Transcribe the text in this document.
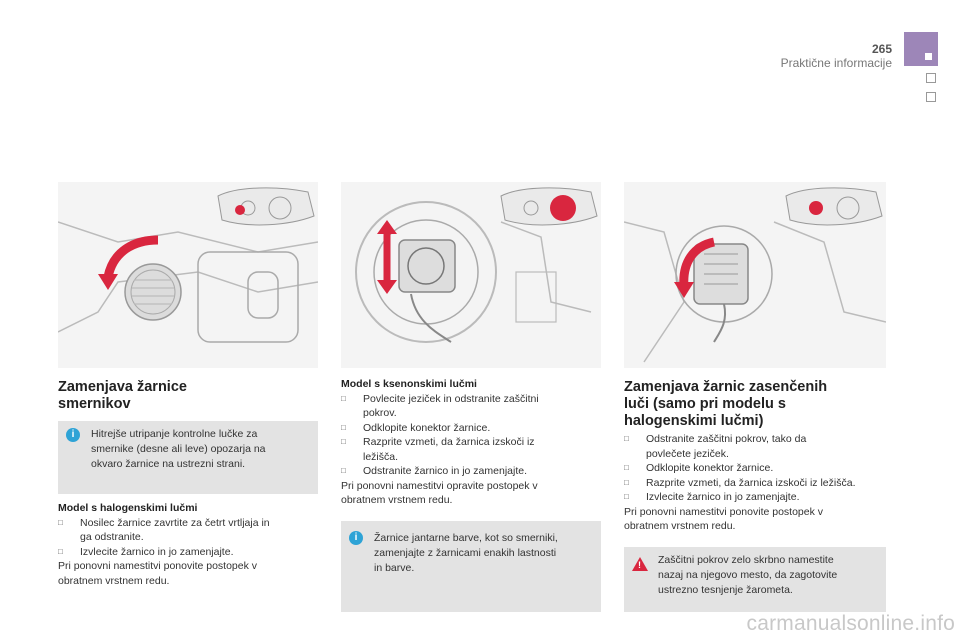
265
Praktične informacije
Zamenjava žarnice
smernikov
i	Hitrejše utripanje kontrolne lučke za
smernike (desne ali leve) opozarja na
okvaro žarnice na ustrezni strani.
Model s halogenskimi lučmi
□ Nosilec žarnice zavrtite za četrt vrtljaja in
ga odstranite.
□ Izvlecite žarnico in jo zamenjajte.
Pri ponovni namestitvi ponovite postopek v
obratnem vrstnem redu.
Model s ksenonskimi lučmi
□ Povlecite jeziček in odstranite zaščitni
pokrov.
□ Odklopite konektor žarnice.
□ Razprite vzmeti, da žarnica izskoči iz
ležišča.
□ Odstranite žarnico in jo zamenjajte.
Pri ponovni namestitvi opravite postopek v
obratnem vrstnem redu.
i	Žarnice jantarne barve, kot so smerniki,
zamenjajte z žarnicami enakih lastnosti
in barve.
Zamenjava žarnic zasenčenih
luči (samo pri modelu s
halogenskimi lučmi)
□ Odstranite zaščitni pokrov, tako da
povlečete jeziček.
□ Odklopite konektor žarnice.
□ Razprite vzmeti, da žarnica izskoči iz ležišča.
□ Izvlecite žarnico in jo zamenjajte.
Pri ponovni namestitvi ponovite postopek v
obratnem vrstnem redu.
! Zaščitni pokrov zelo skrbno namestite
nazaj na njegovo mesto, da zagotovite
ustrezno tesnjenje žarometa.
carmanualsonline.info
